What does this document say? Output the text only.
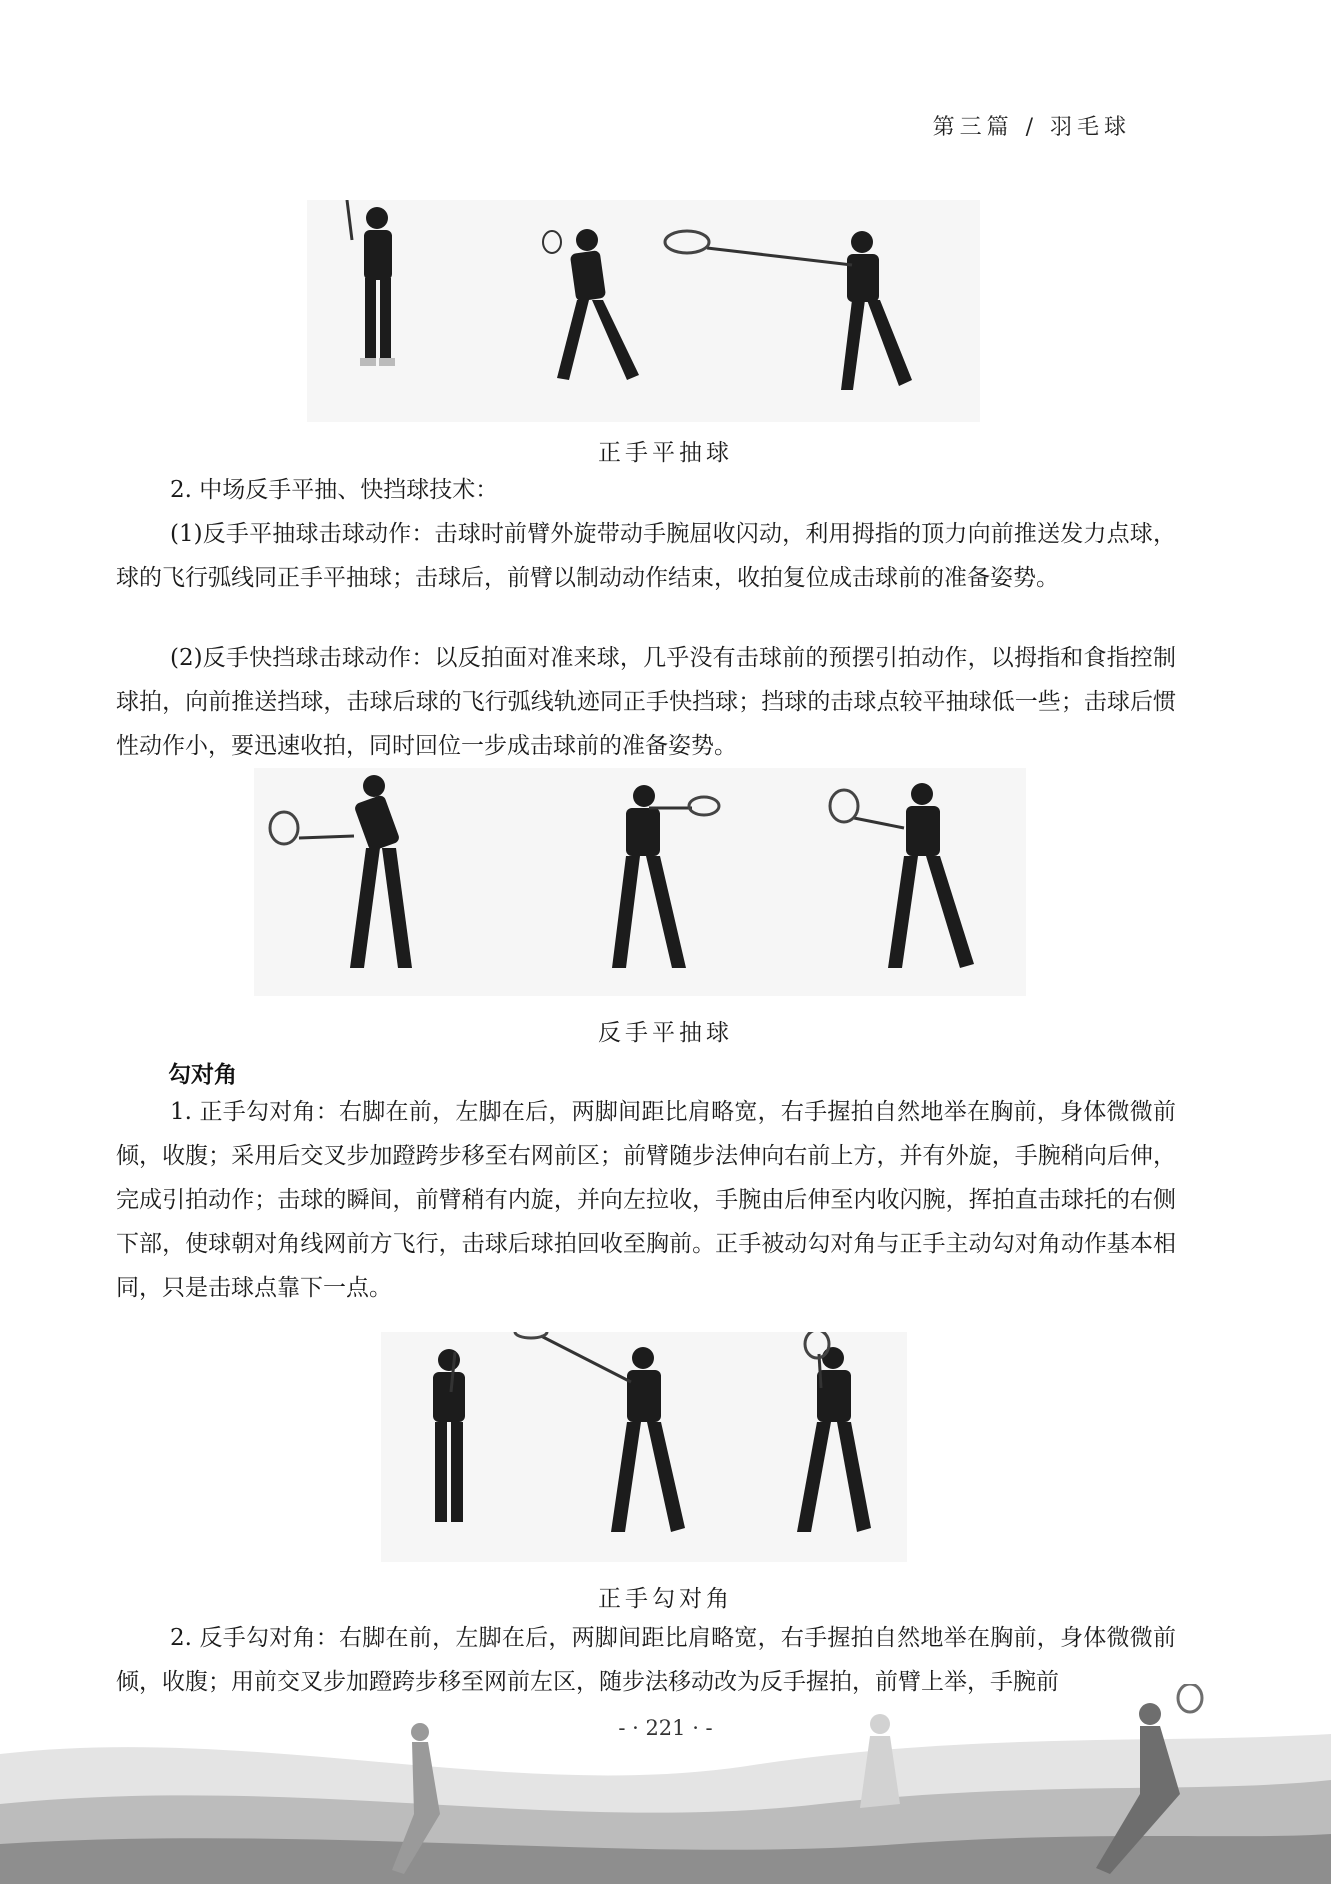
第三篇 / 羽毛球
正手平抽球

2. 中场反手平抽、快挡球技术：

(1)反手平抽球击球动作：击球时前臂外旋带动手腕屈收闪动，利用拇指的顶力向前推送发力点球，球的飞行弧线同正手平抽球；击球后，前臂以制动动作结束，收拍复位成击球前的准备姿势。

(2)反手快挡球击球动作：以反拍面对准来球，几乎没有击球前的预摆引拍动作，以拇指和食指控制球拍，向前推送挡球，击球后球的飞行弧线轨迹同正手快挡球；挡球的击球点较平抽球低一些；击球后惯性动作小，要迅速收拍，同时回位一步成击球前的准备姿势。

反手平抽球
勾对角

1. 正手勾对角：右脚在前，左脚在后，两脚间距比肩略宽，右手握拍自然地举在胸前，身体微微前倾，收腹；采用后交叉步加蹬跨步移至右网前区；前臂随步法伸向右前上方，并有外旋，手腕稍向后伸，完成引拍动作；击球的瞬间，前臂稍有内旋，并向左拉收，手腕由后伸至内收闪腕，挥拍直击球托的右侧下部，使球朝对角线网前方飞行，击球后球拍回收至胸前。正手被动勾对角与正手主动勾对角动作基本相同，只是击球点靠下一点。

正手勾对角

2. 反手勾对角：右脚在前，左脚在后，两脚间距比肩略宽，右手握拍自然地举在胸前，身体微微前倾，收腹；用前交叉步加蹬跨步移至网前左区，随步法移动改为反手握拍，前臂上举，手腕前

- · 221 · -
